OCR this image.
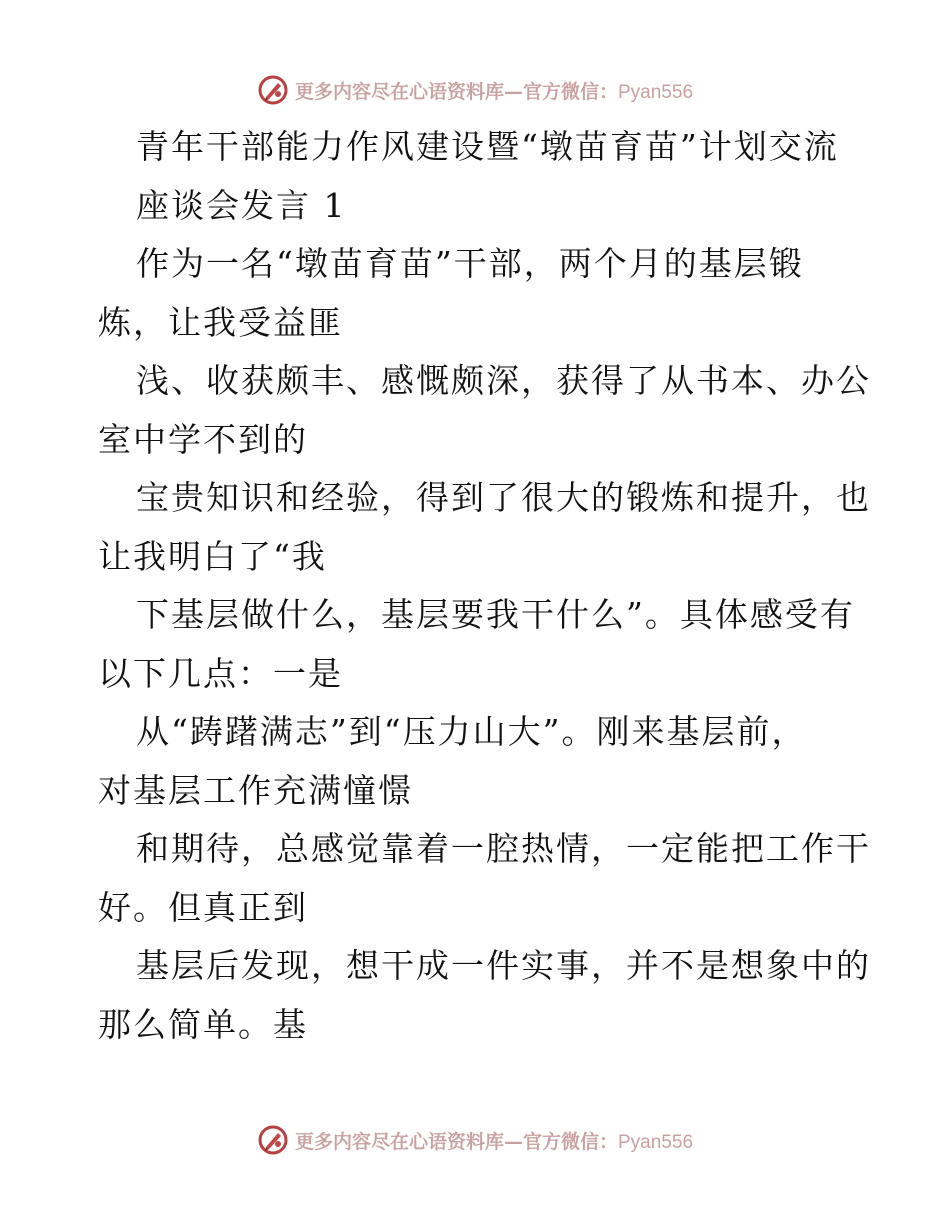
更多内容尽在心语资料库—官方微信：Pyan556
青年干部能力作风建设暨“墩苗育苗”计划交流
座谈会发言 1
作为一名“墩苗育苗”干部，两个月的基层锻
炼，让我受益匪
浅、收获颇丰、感慨颇深，获得了从书本、办公
室中学不到的
宝贵知识和经验，得到了很大的锻炼和提升，也
让我明白了“我
下基层做什么，基层要我干什么”。具体感受有
以下几点：一是
从“踌躇满志”到“压力山大”。刚来基层前，
对基层工作充满憧憬
和期待，总感觉靠着一腔热情，一定能把工作干
好。但真正到
基层后发现，想干成一件实事，并不是想象中的
那么简单。基
更多内容尽在心语资料库—官方微信：Pyan556
